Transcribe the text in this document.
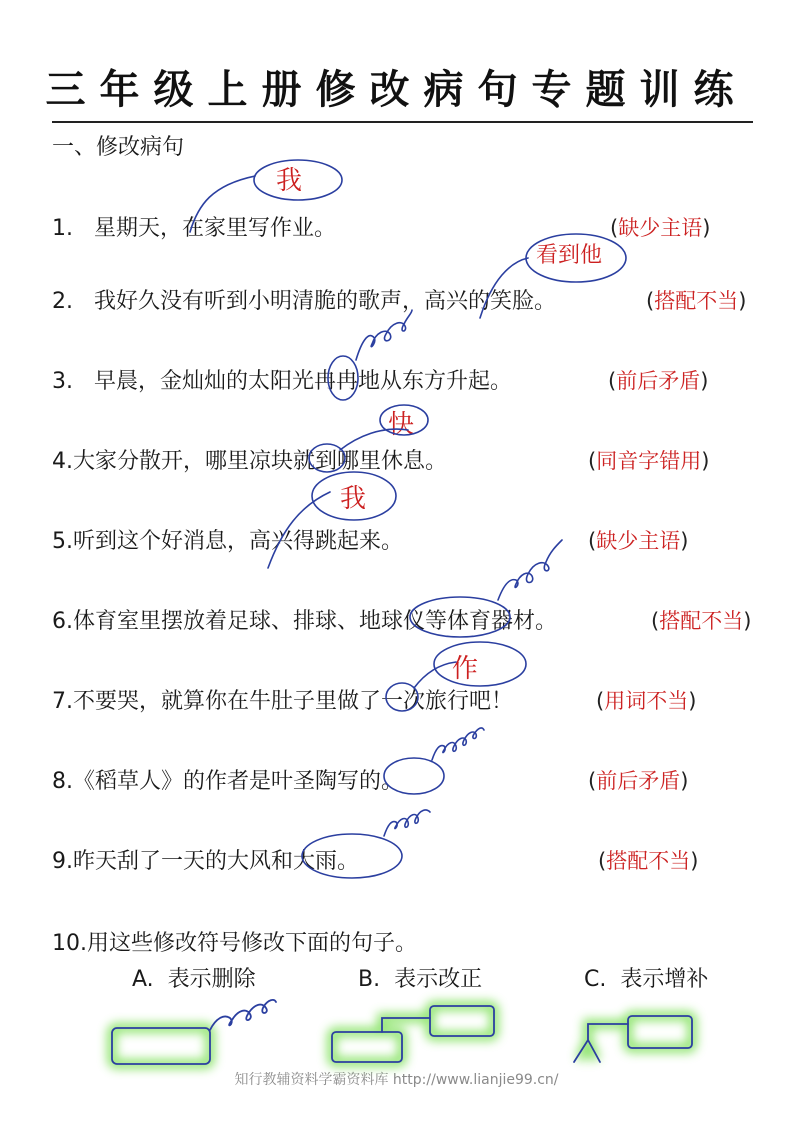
三年级上册修改病句专题训练
一、修改病句
1. 星期天，在家里写作业。	(缺少主语)
2. 我好久没有听到小明清脆的歌声，高兴的笑脸。	(搭配不当)
3. 早晨，金灿灿的太阳光冉冉地从东方升起。	(前后矛盾)
4.大家分散开，哪里凉块就到哪里休息。	(同音字错用)
5.听到这个好消息，高兴得跳起来。	(缺少主语)
6.体育室里摆放着足球、排球、地球仪等体育器材。	(搭配不当)
7.不要哭，就算你在牛肚子里做了一次旅行吧！	(用词不当)
8.《稻草人》的作者是叶圣陶写的。	(前后矛盾)
9.昨天刮了一天的大风和大雨。	(搭配不当)
10.用这些修改符号修改下面的句子。
我
看到他
快
我
作
A. 表示删除	B. 表示改正	C. 表示增补
知行教辅资料学霸资料库 http://www.lianjie99.cn/
